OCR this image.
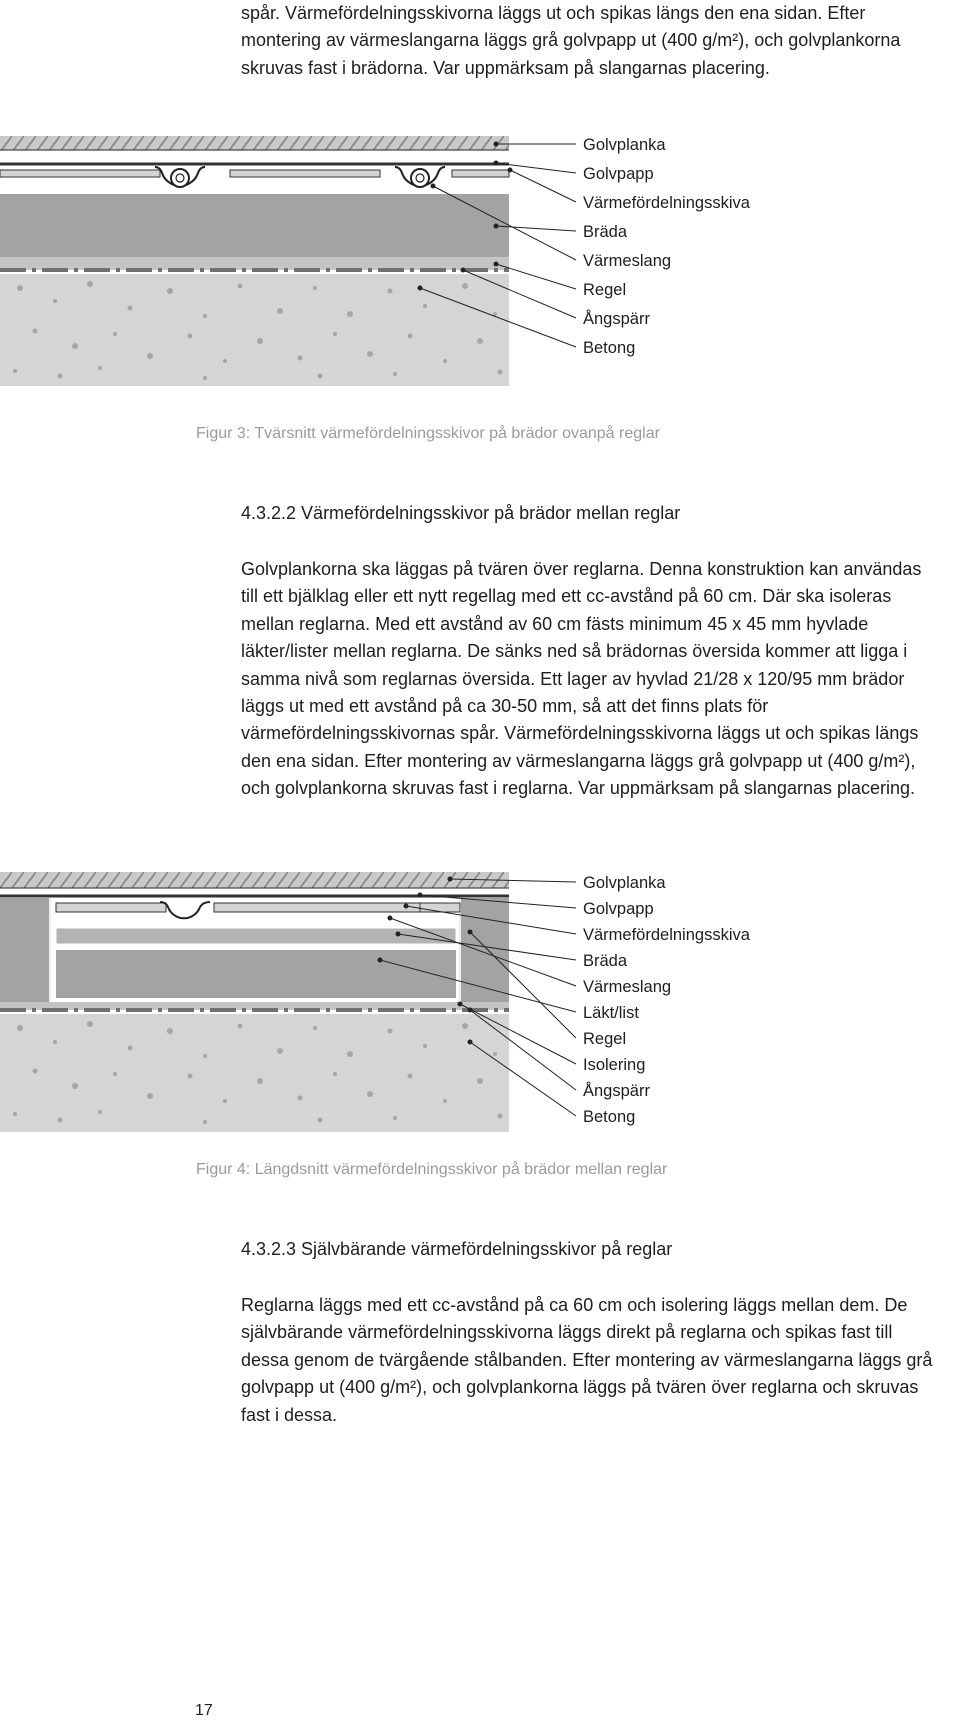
spår. Värmefördelningsskivorna läggs ut och spikas längs den ena sidan. Efter montering av värmeslangarna läggs grå golvpapp ut (400 g/m²), och golvplankorna skruvas fast i brädorna. Var uppmärksam på slangarnas placering.

Golvplanka
Golvpapp
Värmefördelningsskiva
Bräda
Värmeslang
Regel
Ångspärr
Betong

Figur 3: Tvärsnitt värmefördelningsskivor på brädor ovanpå reglar

4.3.2.2 Värmefördelningsskivor på brädor mellan reglar

Golvplankorna ska läggas på tvären över reglarna. Denna konstruktion kan användas till ett bjälklag eller ett nytt regellag med ett cc-avstånd på 60 cm. Där ska isoleras mellan reglarna. Med ett avstånd av 60 cm fästs minimum 45 x 45 mm hyvlade läkter/lister mellan reglarna. De sänks ned så brädornas översida kommer att ligga i samma nivå som reglarnas översida. Ett lager av hyvlad 21/28 x 120/95 mm brädor läggs ut med ett avstånd på ca 30-50 mm, så att det finns plats för värmefördelningsskivornas spår. Värmefördelningsskivorna läggs ut och spikas längs den ena sidan. Efter montering av värmeslangarna läggs grå golvpapp ut (400 g/m²), och golvplankorna skruvas fast i reglarna. Var uppmärksam på slangarnas placering.

Golvplanka
Golvpapp
Värmefördelningsskiva
Bräda
Värmeslang
Läkt/list
Regel
Isolering
Ångspärr
Betong

Figur 4: Längdsnitt värmefördelningsskivor på brädor mellan reglar

4.3.2.3 Självbärande värmefördelningsskivor på reglar

Reglarna läggs med ett cc-avstånd på ca 60 cm och isolering läggs mellan dem. De självbärande värmefördelningsskivorna läggs direkt på reglarna och spikas fast till dessa genom de tvärgående stålbanden. Efter montering av värmeslangarna läggs grå golvpapp ut (400 g/m²), och golvplankorna läggs på tvären över reglarna och skruvas fast i dessa.

17
